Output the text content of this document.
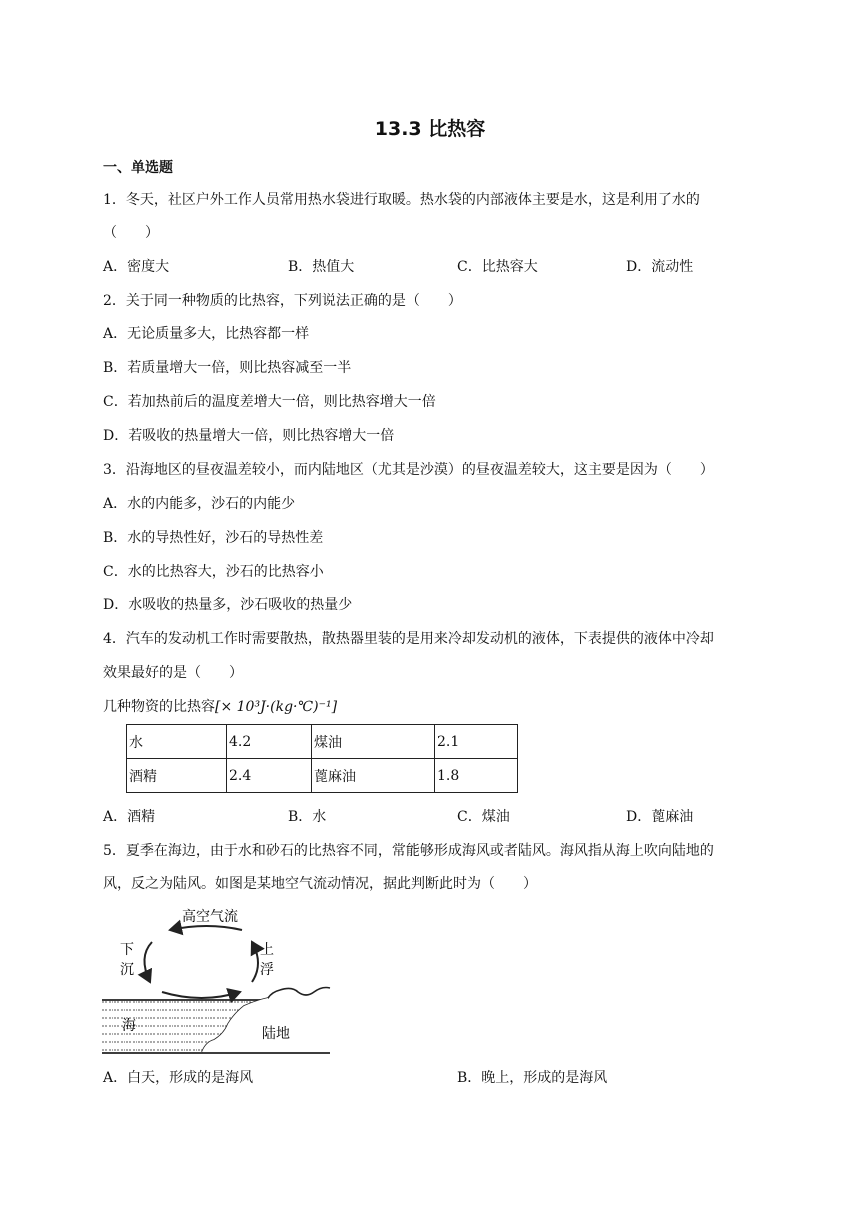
13.3 比热容
一、单选题
1．冬天，社区户外工作人员常用热水袋进行取暖。热水袋的内部液体主要是水，这是利用了水的
（　　）
A．密度大	B．热值大	C．比热容大	D．流动性
2．关于同一种物质的比热容，下列说法正确的是（　　）
A．无论质量多大，比热容都一样
B．若质量增大一倍，则比热容减至一半
C．若加热前后的温度差增大一倍，则比热容增大一倍
D．若吸收的热量增大一倍，则比热容增大一倍
3．沿海地区的昼夜温差较小，而内陆地区（尤其是沙漠）的昼夜温差较大，这主要是因为（　　）
A．水的内能多，沙石的内能少
B．水的导热性好，沙石的导热性差
C．水的比热容大，沙石的比热容小
D．水吸收的热量多，沙石吸收的热量少
4．汽车的发动机工作时需要散热，散热器里装的是用来冷却发动机的液体，下表提供的液体中冷却
效果最好的是（　　）
几种物资的比热容[× 10³J·(kg·℃)⁻¹]
水	4.2	煤油	2.1
酒精	2.4	蓖麻油	1.8
A．酒精	B．水	C．煤油	D．蓖麻油
5．夏季在海边，由于水和砂石的比热容不同，常能够形成海风或者陆风。海风指从海上吹向陆地的
风，反之为陆风。如图是某地空气流动情况，据此判断此时为（　　）
高空气流
下
沉
上
浮
海	陆地
A．白天，形成的是海风	B．晚上，形成的是海风
